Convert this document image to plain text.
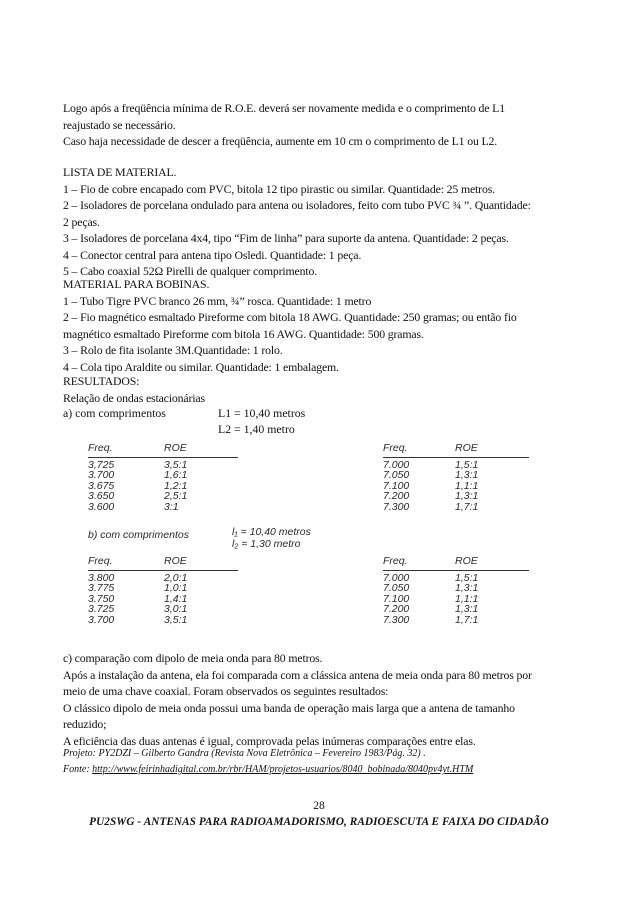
Logo após a freqüência mínima de R.O.E. deverá ser novamente medida e o comprimento de L1
reajustado se necessário.
Caso haja necessidade de descer a freqüência, aumente em 10 cm o comprimento de L1 ou L2.
LISTA DE MATERIAL.
1 – Fio de cobre encapado com PVC, bitola 12 tipo pirastic ou similar. Quantidade: 25 metros.
2 – Isoladores de porcelana ondulado para antena ou isoladores, feito com tubo PVC ¾ ”. Quantidade:
2 peças.
3 – Isoladores de porcelana 4x4, tipo “Fim de linha” para suporte da antena. Quantidade: 2 peças.
4 – Conector central para antena tipo Osledi. Quantidade: 1 peça.
5 – Cabo coaxial 52Ω Pirelli de qualquer comprimento.
MATERIAL PARA BOBINAS.
1 – Tubo Tigre PVC branco 26 mm, ¾” rosca. Quantidade: 1 metro
2 – Fio magnético esmaltado Pireforme com bitola 18 AWG. Quantidade: 250 gramas; ou então fio
magnético esmaltado Pireforme com bitola 16 AWG. Quantidade: 500 gramas.
3 – Rolo de fita isolante 3M.Quantidade: 1 rolo.
4 – Cola tipo Araldite ou similar. Quantidade: 1 embalagem.
RESULTADOS:
Relação de ondas estacionárias
a) com comprimentos	L1 = 10,40 metros
L2 = 1,40 metro
Freq.	ROE
3,725	3,5:1
3.700	1,6:1
3.675	1,2:1
3.650	2,5:1
3.600	3:1
Freq.	ROE
7.000	1,5:1
7.050	1,3:1
7.100	1,1:1
7.200	1,3:1
7.300	1,7:1
b) com comprimentos	l₁ = 10,40 metros
l₂ = 1,30 metro
Freq.	ROE
3.800	2,0:1
3.775	1,0:1
3.750	1,4:1
3.725	3,0:1
3.700	3,5:1
Freq.	ROE
7.000	1,5:1
7.050	1,3:1
7.100	1,1:1
7.200	1,3:1
7.300	1,7:1
c) comparação com dipolo de meia onda para 80 metros.
Após a instalação da antena, ela foi comparada com a clássica antena de meia onda para 80 metros por
meio de uma chave coaxial. Foram observados os seguintes resultados:
O clássico dipolo de meia onda possui uma banda de operação mais larga que a antena de tamanho
reduzido;
A eficiência das duas antenas é igual, comprovada pelas inúmeras comparações entre elas.
Projeto: PY2DZI – Gilberto Gandra (Revista Nova Eletrônica – Fevereiro 1983/Pág. 32) .
Fonte: http://www.feirinhadigital.com.br/rbr/HAM/projetos-usuarios/8040_bobinada/8040pv4yt.HTM
28
PU2SWG - ANTENAS PARA RADIOAMADORISMO, RADIOESCUTA E FAIXA DO CIDADÃO
